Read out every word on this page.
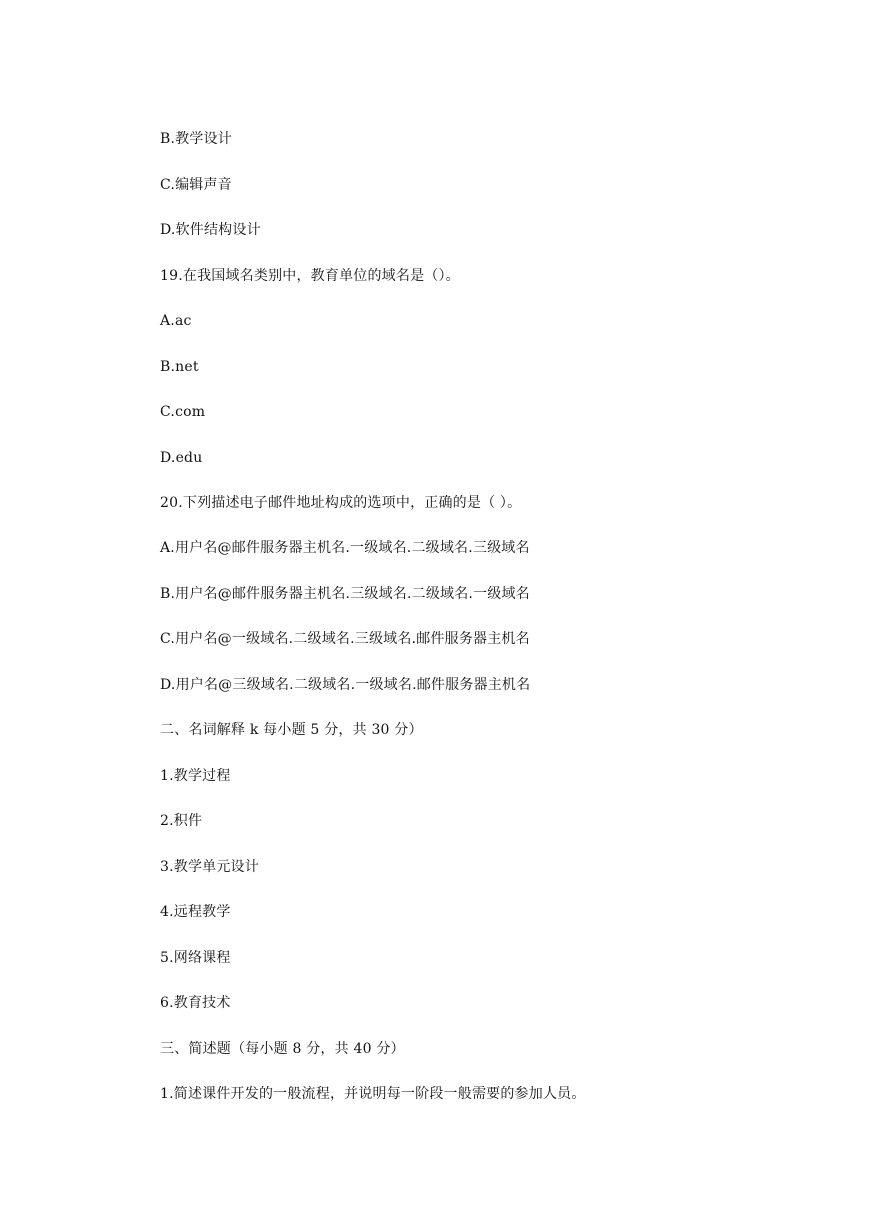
B.教学设计
C.编辑声音
D.软件结构设计
19.在我国域名类别中，教育单位的域名是（）。
A.ac
B.net
C.com
D.edu
20.下列描述电子邮件地址构成的选项中，正确的是（ ）。
A.用户名@邮件服务器主机名.一级域名.二级域名.三级域名
B.用户名@邮件服务器主机名.三级域名.二级域名.一级域名
C.用户名@一级域名.二级域名.三级域名.邮件服务器主机名
D.用户名@三级域名.二级域名.一级域名.邮件服务器主机名
二、名词解释 k 每小题 5 分，共 30 分）
1.教学过程
2.积件
3.教学单元设计
4.远程教学
5.网络课程
6.教育技术
三、简述题（每小题 8 分，共 40 分）
1.简述课件开发的一般流程，并说明每一阶段一般需要的参加人员。
